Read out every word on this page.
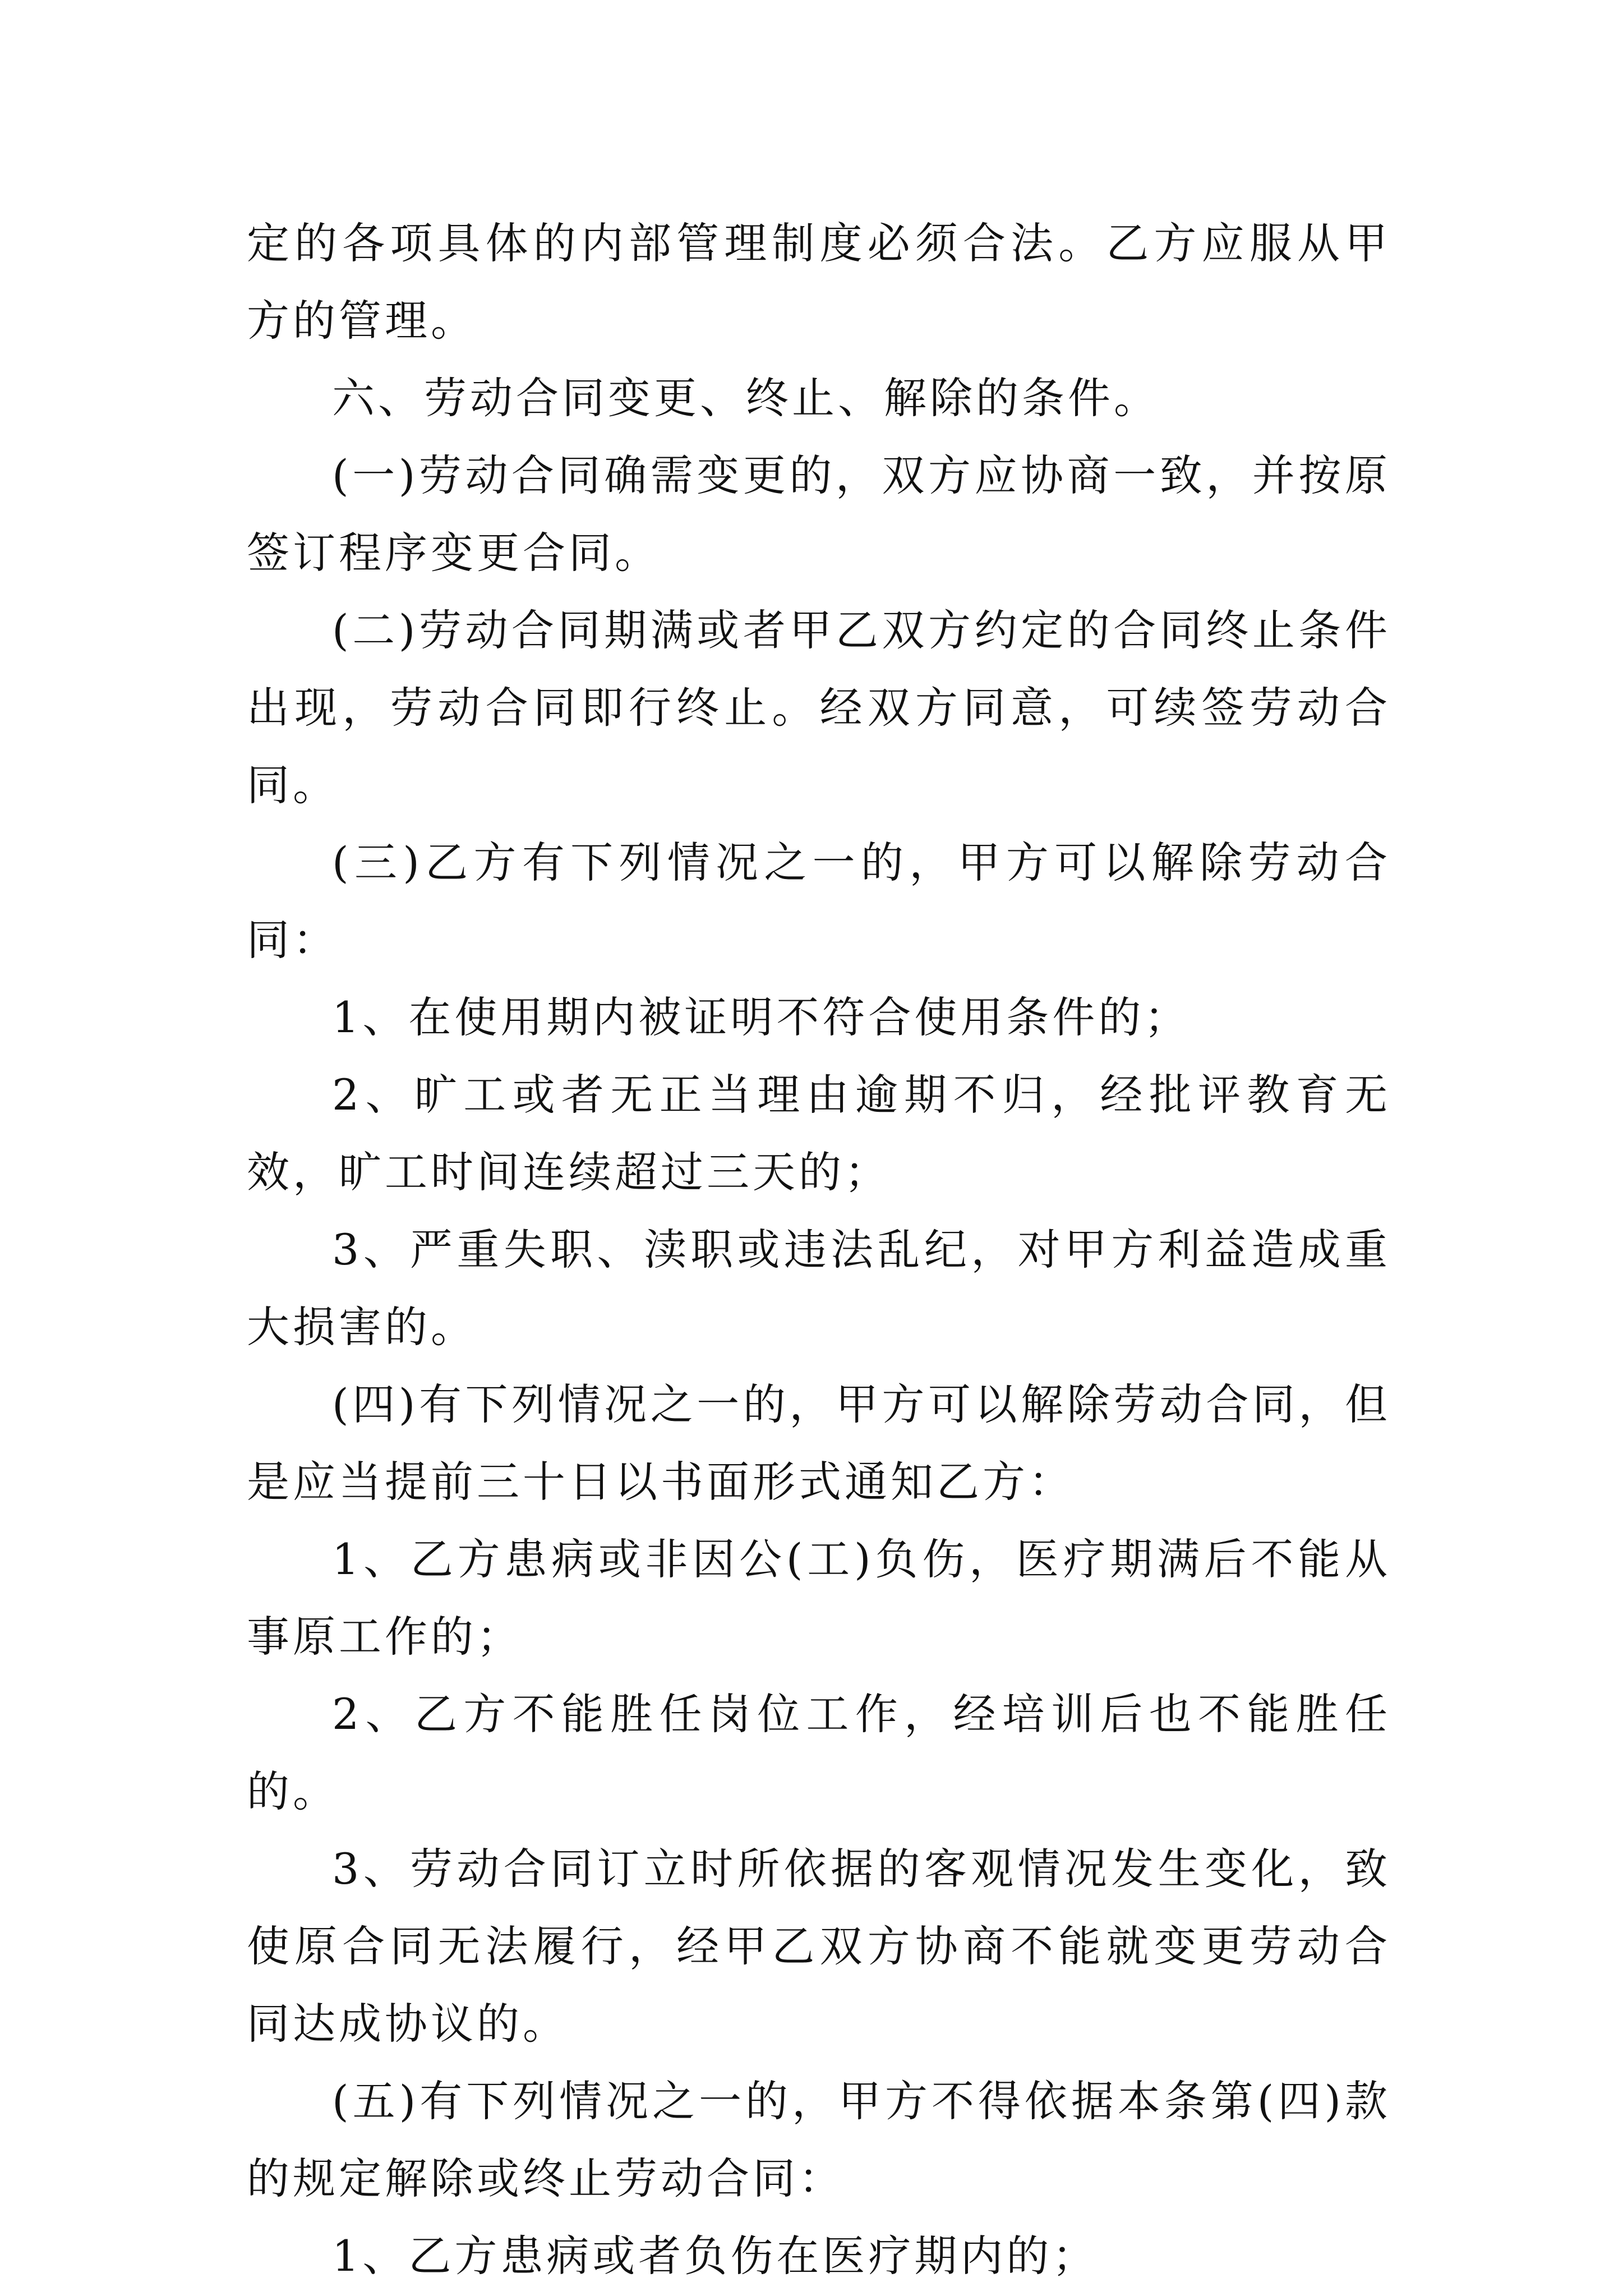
定的各项具体的内部管理制度必须合法。乙方应服从甲方的管理。

六、劳动合同变更、终止、解除的条件。

(一)劳动合同确需变更的，双方应协商一致，并按原签订程序变更合同。

(二)劳动合同期满或者甲乙双方约定的合同终止条件出现，劳动合同即行终止。经双方同意，可续签劳动合同。

(三)乙方有下列情况之一的，甲方可以解除劳动合同：

1、在使用期内被证明不符合使用条件的；

2、旷工或者无正当理由逾期不归，经批评教育无效，旷工时间连续超过三天的；

3、严重失职、渎职或违法乱纪，对甲方利益造成重大损害的。

(四)有下列情况之一的，甲方可以解除劳动合同，但是应当提前三十日以书面形式通知乙方：

1、乙方患病或非因公(工)负伤，医疗期满后不能从事原工作的；

2、乙方不能胜任岗位工作，经培训后也不能胜任的。

3、劳动合同订立时所依据的客观情况发生变化，致使原合同无法履行，经甲乙双方协商不能就变更劳动合同达成协议的。

(五)有下列情况之一的，甲方不得依据本条第(四)款的规定解除或终止劳动合同：

1、乙方患病或者负伤在医疗期内的；
